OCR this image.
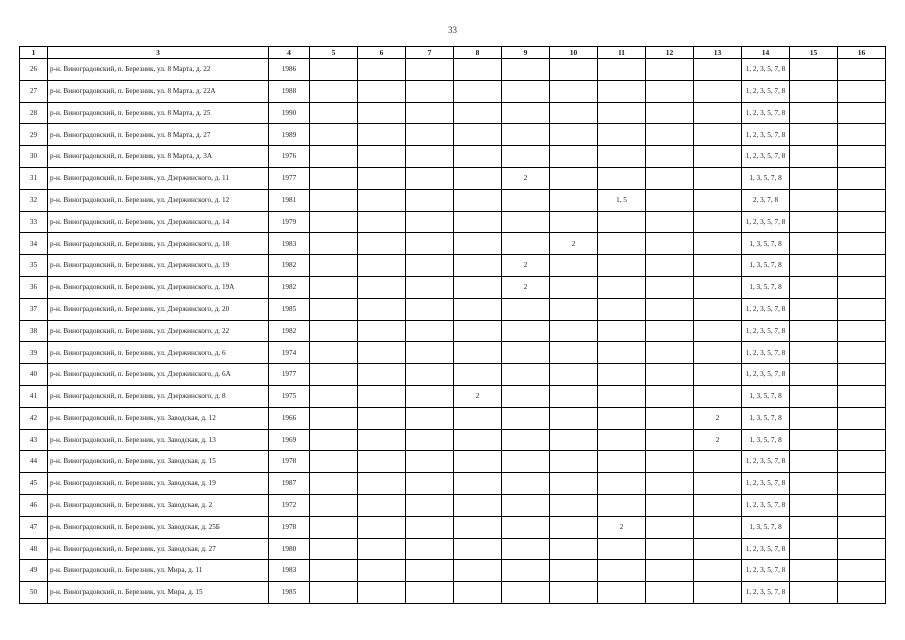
33
1	3	4	5	6	7	8	9	10	11	12	13	14	15	16
26	р-н. Виноградовский, п. Березник, ул. 8 Марта, д. 22	1986										1, 2, 3, 5, 7, 8		
27	р-н. Виноградовский, п. Березник, ул. 8 Марта, д. 22А	1988										1, 2, 3, 5, 7, 8		
28	р-н. Виноградовский, п. Березник, ул. 8 Марта, д. 25	1990										1, 2, 3, 5, 7, 8		
29	р-н. Виноградовский, п. Березник, ул. 8 Марта, д. 27	1989										1, 2, 3, 5, 7, 8		
30	р-н. Виноградовский, п. Березник, ул. 8 Марта, д. 3А	1976										1, 2, 3, 5, 7, 8		
31	р-н. Виноградовский, п. Березник, ул. Дзержинского, д. 11	1977					2					1, 3, 5, 7, 8		
32	р-н. Виноградовский, п. Березник, ул. Дзержинского, д. 12	1981							1, 5			2, 3, 7, 8		
33	р-н. Виноградовский, п. Березник, ул. Дзержинского, д. 14	1979										1, 2, 3, 5, 7, 8		
34	р-н. Виноградовский, п. Березник, ул. Дзержинского, д. 18	1983						2				1, 3, 5, 7, 8		
35	р-н. Виноградовский, п. Березник, ул. Дзержинского, д. 19	1982					2					1, 3, 5, 7, 8		
36	р-н. Виноградовский, п. Березник, ул. Дзержинского, д. 19А	1982					2					1, 3, 5, 7, 8		
37	р-н. Виноградовский, п. Березник, ул. Дзержинского, д. 20	1985										1, 2, 3, 5, 7, 8		
38	р-н. Виноградовский, п. Березник, ул. Дзержинского, д. 22	1982										1, 2, 3, 5, 7, 8		
39	р-н. Виноградовский, п. Березник, ул. Дзержинского, д. 6	1974										1, 2, 3, 5, 7, 8		
40	р-н. Виноградовский, п. Березник, ул. Дзержинского, д. 6А	1977										1, 2, 3, 5, 7, 8		
41	р-н. Виноградовский, п. Березник, ул. Дзержинского, д. 8	1975				2						1, 3, 5, 7, 8		
42	р-н. Виноградовский, п. Березник, ул. Заводская, д. 12	1966									2	1, 3, 5, 7, 8		
43	р-н. Виноградовский, п. Березник, ул. Заводская, д. 13	1969									2	1, 3, 5, 7, 8		
44	р-н. Виноградовский, п. Березник, ул. Заводская, д. 15	1978										1, 2, 3, 5, 7, 8		
45	р-н. Виноградовский, п. Березник, ул. Заводская, д. 19	1987										1, 2, 3, 5, 7, 8		
46	р-н. Виноградовский, п. Березник, ул. Заводская, д. 2	1972										1, 2, 3, 5, 7, 8		
47	р-н. Виноградовский, п. Березник, ул. Заводская, д. 25Б	1978							2			1, 3, 5, 7, 8		
48	р-н. Виноградовский, п. Березник, ул. Заводская, д. 27	1980										1, 2, 3, 5, 7, 8		
49	р-н. Виноградовский, п. Березник, ул. Мира, д. 11	1983										1, 2, 3, 5, 7, 8		
50	р-н. Виноградовский, п. Березник, ул. Мира, д. 15	1985										1, 2, 3, 5, 7, 8		
